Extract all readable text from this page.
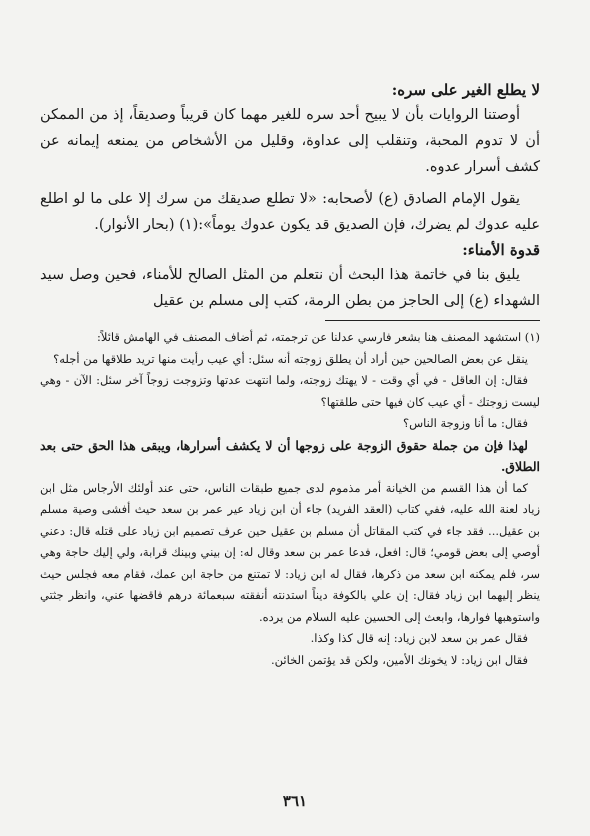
لا يطلع الغير على سره:

أوصتنا الروايات بأن لا يبيح أحد سره للغير مهما كان قريباً وصديقاً، إذ من الممكن أن لا تدوم المحبة، وتنقلب إلى عداوة، وقليل من الأشخاص من يمنعه إيمانه عن كشف أسرار عدوه.

يقول الإمام الصادق (ع) لأصحابه: «لا تطلع صديقك من سرك إلا على ما لو اطلع عليه عدوك لم يضرك، فإن الصديق قد يكون عدوك يوماً»:(١) (بحار الأنوار).

قدوة الأمناء:

يليق بنا في خاتمة هذا البحث أن نتعلم من المثل الصالح للأمناء، فحين وصل سيد الشهداء (ع) إلى الحاجز من بطن الرمة، كتب إلى مسلم بن عقيل

(١) استشهد المصنف هنا بشعر فارسي عدلنا عن ترجمته، ثم أضاف المصنف في الهامش قائلاً:

ينقل عن بعض الصالحين حين أراد أن يطلق زوجته أنه سئل: أي عيب رأيت منها تريد طلاقها من أجله؟

فقال: إن العاقل - في أي وقت - لا يهتك زوجته، ولما انتهت عدتها وتزوجت زوجاً آخر سئل: الآن - وهي ليست زوجتك - أي عيب كان فيها حتى طلقتها؟

فقال: ما أنا وزوجة الناس؟

لهذا فإن من جملة حقوق الزوجة على زوجها أن لا يكشف أسرارها، ويبقى هذا الحق حتى بعد الطلاق.

كما أن هذا القسم من الخيانة أمر مذموم لدى جميع طبقات الناس، حتى عند أولئك الأرجاس مثل ابن زياد لعنة الله عليه، ففي كتاب (العقد الفريد) جاء أن ابن زياد عير عمر بن سعد حيث أفشى وصية مسلم بن عقيل... فقد جاء في كتب المقاتل أن مسلم بن عقيل حين عرف تصميم ابن زياد على قتله قال: دعني أوصي إلى بعض قومي؛ قال: افعل، فدعا عمر بن سعد وقال له: إن بيني وبينك قرابة، ولي إليك حاجة وهي سر، فلم يمكنه ابن سعد من ذكرها، فقال له ابن زياد: لا تمتنع من حاجة ابن عمك، فقام معه فجلس حيث ينظر إليهما ابن زياد فقال: إن علي بالكوفة ديناً استدنته أنفقته سبعمائة درهم فاقضها عني، وانظر جثتي واستوهبها فوارها، وابعث إلى الحسين عليه السلام من يرده.

فقال عمر بن سعد لابن زياد: إنه قال كذا وكذا.

فقال ابن زياد: لا يخونك الأمين، ولكن قد يؤتمن الخائن.

٣٦١
